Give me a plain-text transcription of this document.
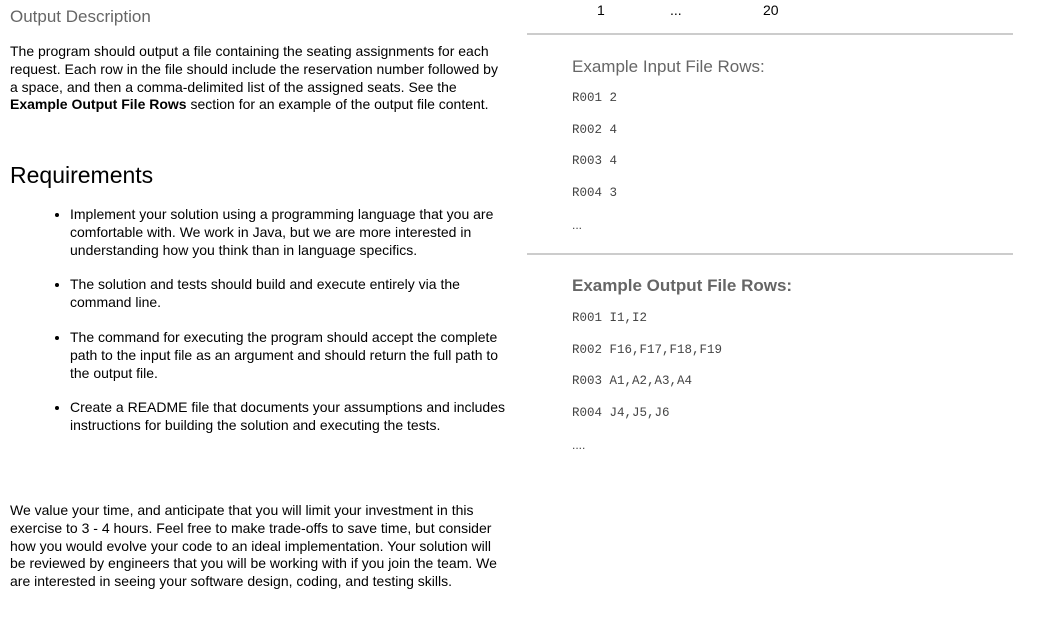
Output Description
The program should output a file containing the seating assignments for each request. Each row in the file should include the reservation number followed by a space, and then a comma-delimited list of the assigned seats. See the Example Output File Rows section for an example of the output file content.
Requirements
• Implement your solution using a programming language that you are comfortable with. We work in Java, but we are more interested in understanding how you think than in language specifics.
• The solution and tests should build and execute entirely via the command line.
• The command for executing the program should accept the complete path to the input file as an argument and should return the full path to the output file.
• Create a README file that documents your assumptions and includes instructions for building the solution and executing the tests.
We value your time, and anticipate that you will limit your investment in this exercise to 3 - 4 hours. Feel free to make trade-offs to save time, but consider how you would evolve your code to an ideal implementation. Your solution will be reviewed by engineers that you will be working with if you join the team. We are interested in seeing your software design, coding, and testing skills.
1	...	20
Example Input File Rows:
R001 2
R002 4
R003 4
R004 3
...
Example Output File Rows:
R001 I1,I2
R002 F16,F17,F18,F19
R003 A1,A2,A3,A4
R004 J4,J5,J6
....
